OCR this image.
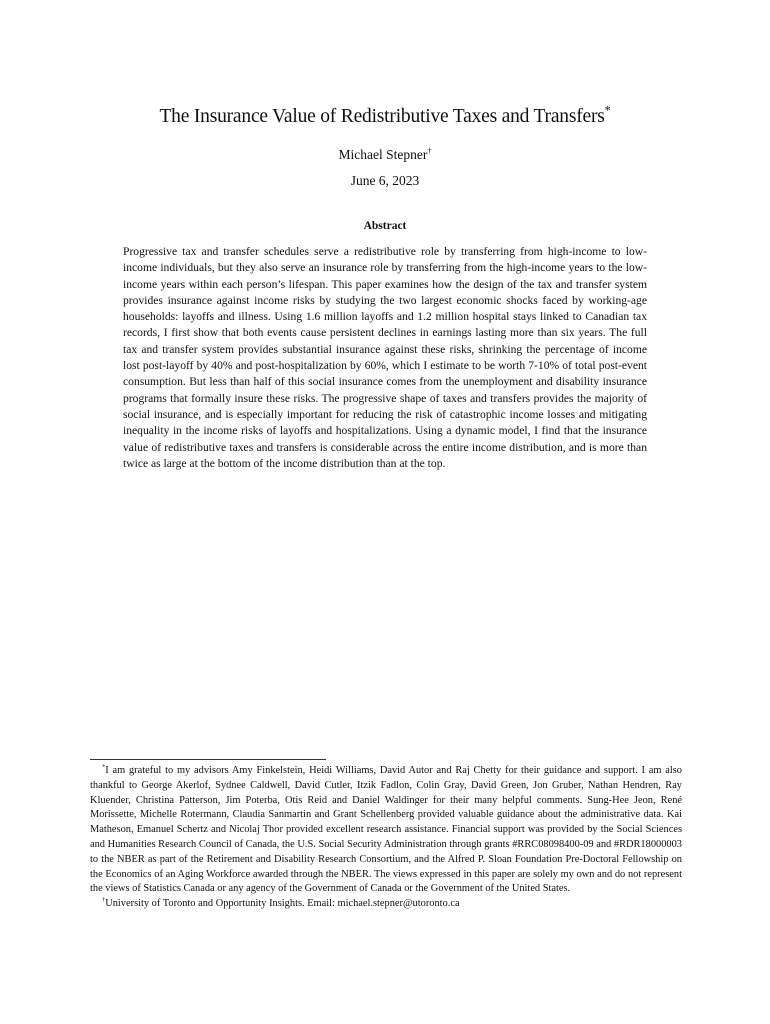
The Insurance Value of Redistributive Taxes and Transfers*
Michael Stepner†
June 6, 2023
Abstract
Progressive tax and transfer schedules serve a redistributive role by transferring from high-income to low-income individuals, but they also serve an insurance role by transferring from the high-income years to the low-income years within each person’s lifespan. This paper examines how the design of the tax and transfer system provides insurance against income risks by studying the two largest economic shocks faced by working-age households: layoffs and illness. Using 1.6 million layoffs and 1.2 million hospital stays linked to Canadian tax records, I first show that both events cause persistent declines in earnings lasting more than six years. The full tax and transfer system provides substantial insurance against these risks, shrinking the percentage of income lost post-layoff by 40% and post-hospitalization by 60%, which I estimate to be worth 7-10% of total post-event consumption. But less than half of this social insurance comes from the unemployment and disability insurance programs that formally insure these risks. The progressive shape of taxes and transfers provides the majority of social insurance, and is especially important for reducing the risk of catastrophic income losses and mitigating inequality in the income risks of layoffs and hospitalizations. Using a dynamic model, I find that the insurance value of redistributive taxes and transfers is considerable across the entire income distribution, and is more than twice as large at the bottom of the income distribution than at the top.

*I am grateful to my advisors Amy Finkelstein, Heidi Williams, David Autor and Raj Chetty for their guidance and support. I am also thankful to George Akerlof, Sydnee Caldwell, David Cutler, Itzik Fadlon, Colin Gray, David Green, Jon Gruber, Nathan Hendren, Ray Kluender, Christina Patterson, Jim Poterba, Otis Reid and Daniel Waldinger for their many helpful comments. Sung-Hee Jeon, René Morissette, Michelle Rotermann, Claudia Sanmartin and Grant Schellenberg provided valuable guidance about the administrative data. Kai Matheson, Emanuel Schertz and Nicolaj Thor provided excellent research assistance. Financial support was provided by the Social Sciences and Humanities Research Council of Canada, the U.S. Social Security Administration through grants #RRC08098400-09 and #RDR18000003 to the NBER as part of the Retirement and Disability Research Consortium, and the Alfred P. Sloan Foundation Pre-Doctoral Fellowship on the Economics of an Aging Workforce awarded through the NBER. The views expressed in this paper are solely my own and do not represent the views of Statistics Canada or any agency of the Government of Canada or the Government of the United States.

†University of Toronto and Opportunity Insights. Email: michael.stepner@utoronto.ca
